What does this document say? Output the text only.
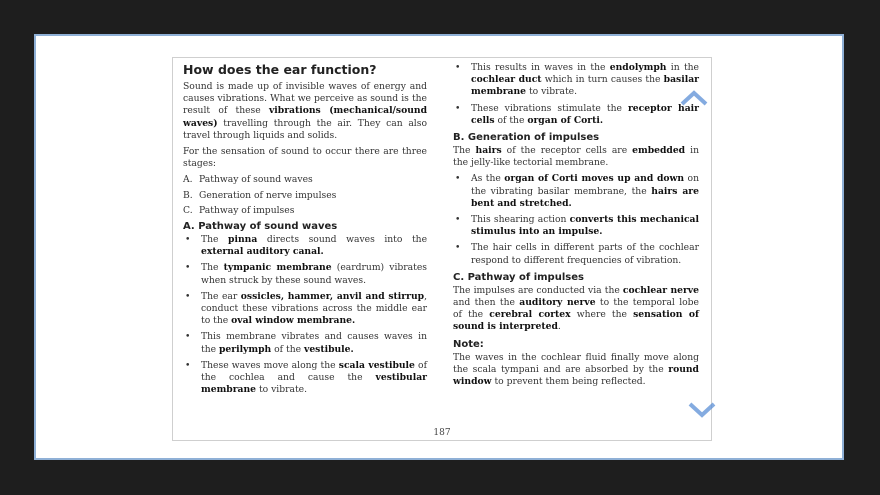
How does the ear function?

Sound is made up of invisible waves of energy and causes vibrations. What we perceive as sound is the result of these vibrations (mechanical/sound waves) travelling through the air. They can also travel through liquids and solids.

For the sensation of sound to occur there are three stages:

A. Pathway of sound waves
B. Generation of nerve impulses
C. Pathway of impulses
A. Pathway of sound waves
• The pinna directs sound waves into the external auditory canal.
• The tympanic membrane (eardrum) vibrates when struck by these sound waves.
• The ear ossicles, hammer, anvil and stirrup, conduct these vibrations across the middle ear to the oval window membrane.
• This membrane vibrates and causes waves in the perilymph of the vestibule.
• These waves move along the scala vestibule of the cochlea and cause the vestibular membrane to vibrate.
• This results in waves in the endolymph in the cochlear duct which in turn causes the basilar membrane to vibrate.
• These vibrations stimulate the receptor hair cells of the organ of Corti.
B. Generation of impulses

The hairs of the receptor cells are embedded in the jelly-like tectorial membrane.

• As the organ of Corti moves up and down on the vibrating basilar membrane, the hairs are bent and stretched.
• This shearing action converts this mechanical stimulus into an impulse.
• The hair cells in different parts of the cochlear respond to different frequencies of vibration.
C. Pathway of impulses

The impulses are conducted via the cochlear nerve and then the auditory nerve to the temporal lobe of the cerebral cortex where the sensation of sound is interpreted.

Note:

The waves in the cochlear fluid finally move along the scala tympani and are absorbed by the round window to prevent them being reflected.

187
